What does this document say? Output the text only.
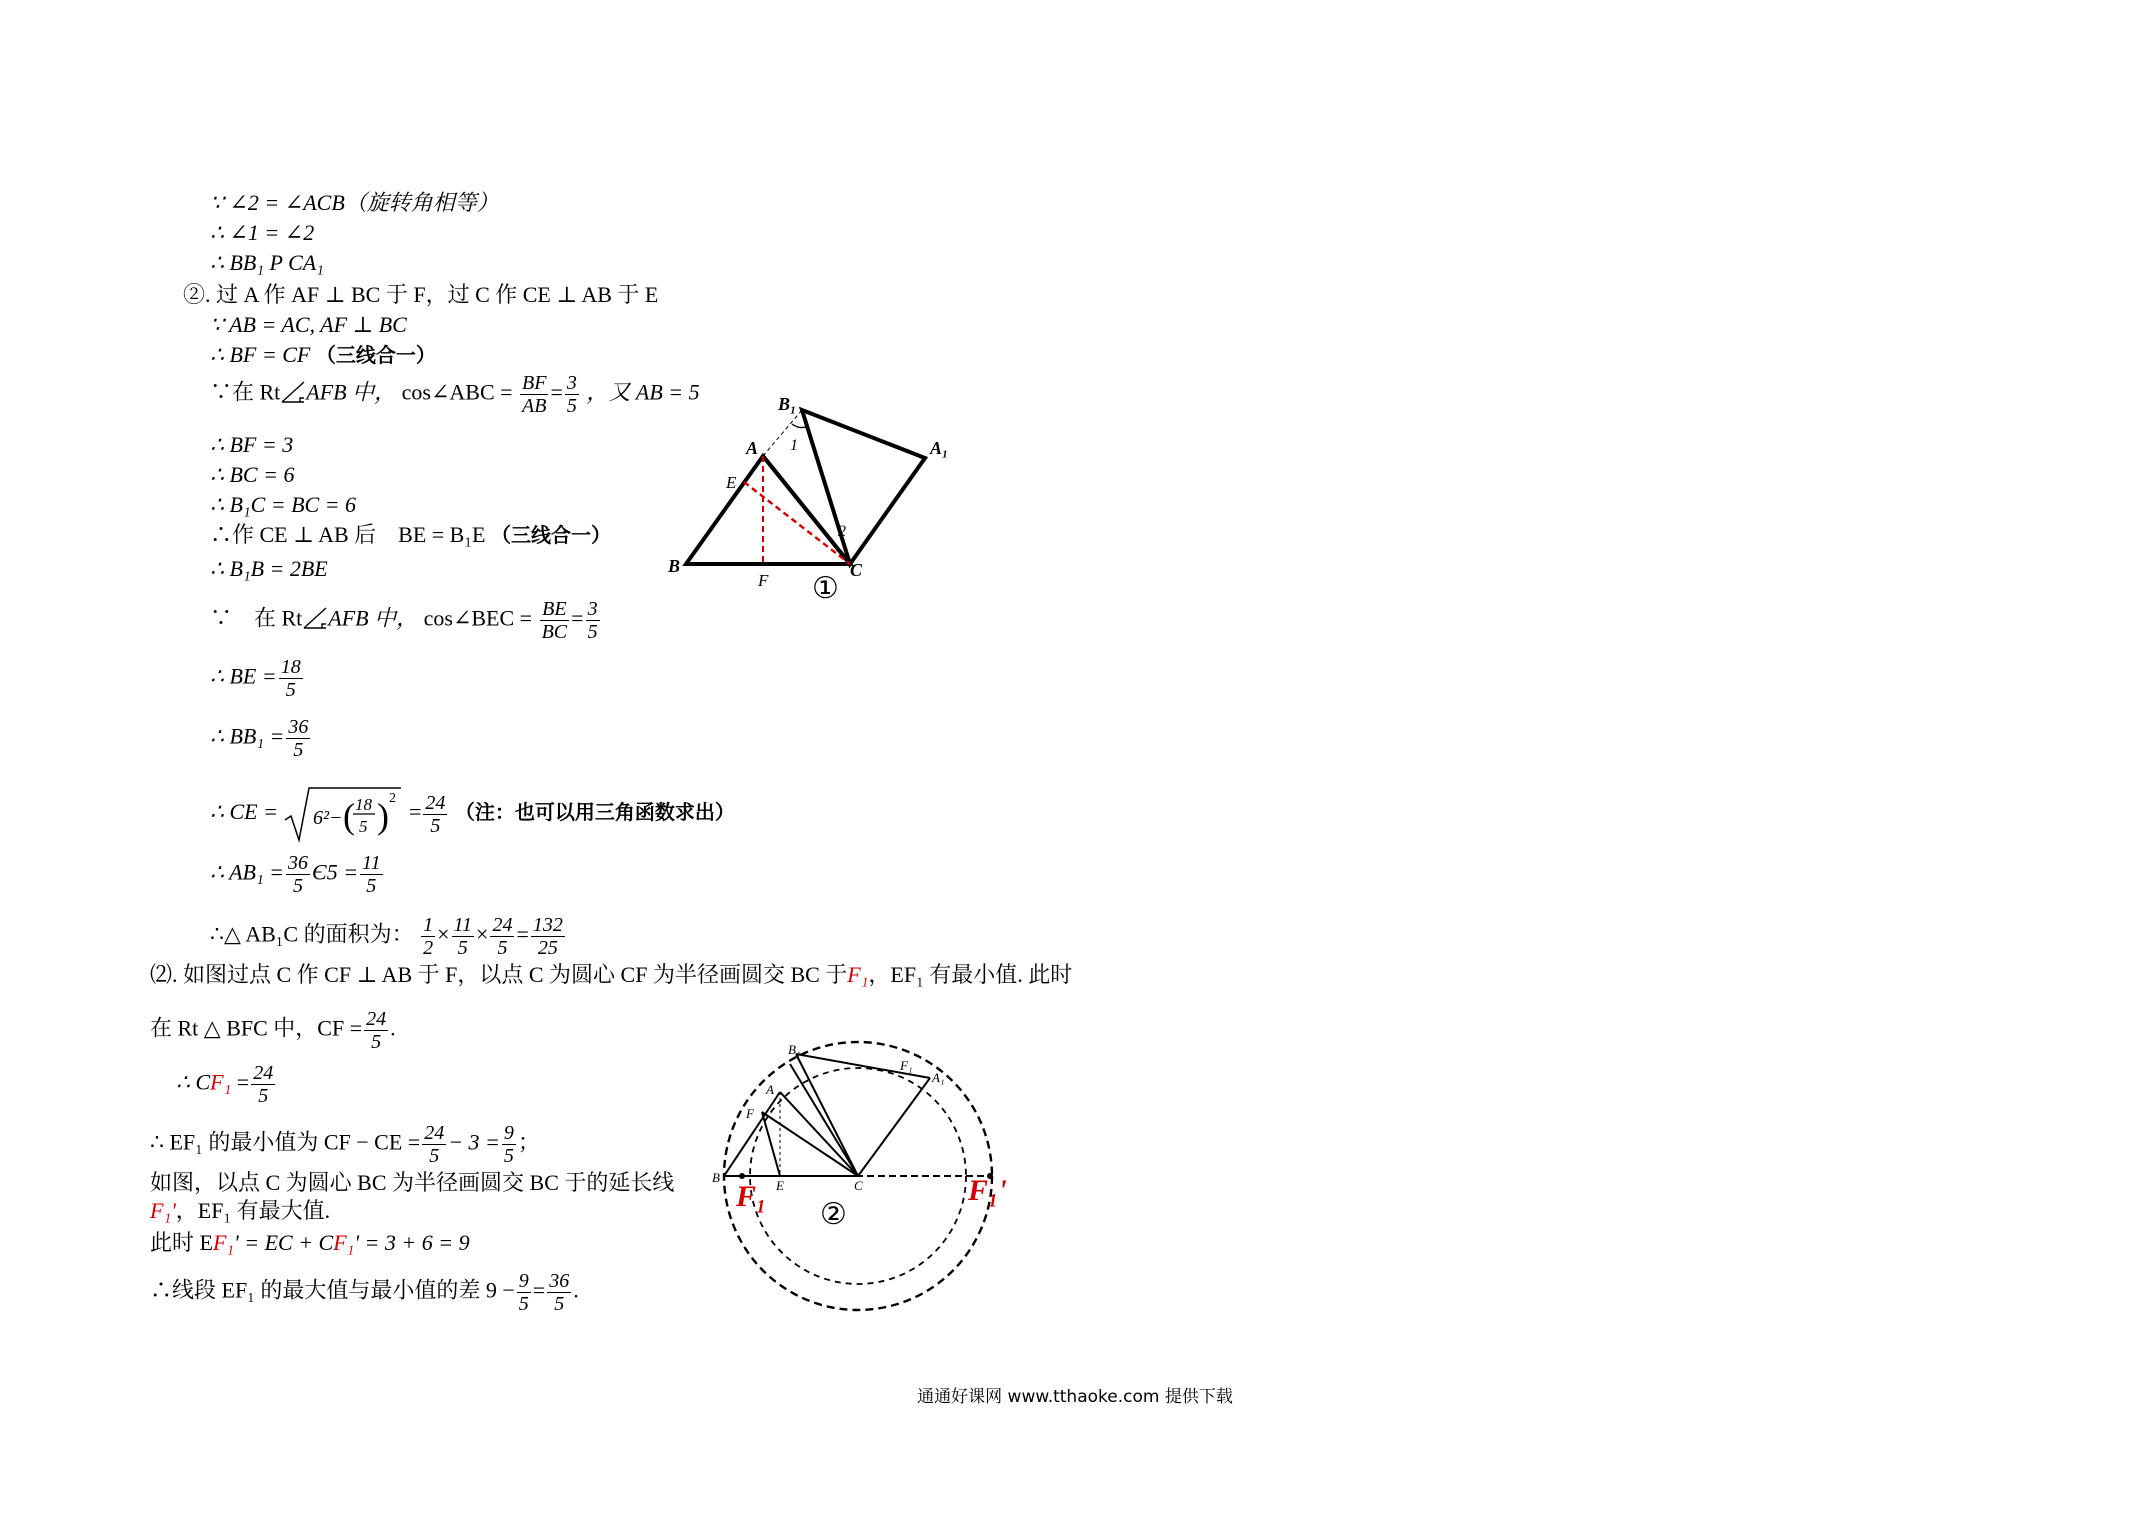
∵ ∠2 = ∠ACB（旋转角相等）
∴ ∠1 = ∠2
∴ BB₁ P CA₁
②. 过 A 作 AF ⊥ BC 于 F，过 C 作 CE ⊥ AB 于 E
∵ AB = AC, AF ⊥ BC
∴ BF = CF （三线合一）
∵在 Rt AFB 中， cos∠ABC = $\frac{BF}{AB} = \frac{3}{5}$ ，又 AB = 5
∴ BF = 3
∴ BC = 6
∴ B₁C = BC = 6
∴作 CE ⊥ AB 后　BE = B₁E （三线合一）
∴ B₁B = 2BE
∵　在 Rt AFB 中， cos∠BEC = $\frac{BE}{BC} = \frac{3}{5}$
∴ BE = $\frac{18}{5}$
∴ $BB_1 = \frac{36}{5}$
∴ CE = 6²− ( 18
5 ) 2
= $\frac{24}{5}$ （注：也可以用三角函数求出）
∴ $AB_1 = \frac{36}{5} Є5 = \frac{11}{5}$
∴△ AB₁C 的面积为： $\frac{1}{2} \times \frac{11}{5} \times \frac{24}{5} = \frac{132}{25}$
⑵. 如图过点 C 作 CF ⊥ AB 于 F，以点 C 为圆心 CF 为半径画圆交 BC 于F₁，EF₁ 有最小值. 此时
在 Rt △ BFC 中，CF = $\frac{24}{5}$ .
∴ $CF_1 = \frac{24}{5}$
∴ EF₁ 的最小值为 CF − CE = $\frac{24}{5} - 3 = \frac{9}{5}$ ；
如图，以点 C 为圆心 BC 为半径画圆交 BC 于的延长线
F₁'，EF₁ 有最大值.
此时 EF₁' = EC + CF₁' = 3 + 6 = 9
∴线段 EF₁ 的最大值与最小值的差 $9 - \frac{9}{5} = \frac{36}{5}$ .
B₁
A₁
A
E
B
F
C
1
2
①
B₁
F₁
A₁
A
F
B
E	C
F₁	F₁'
②
通通好课网 www.tthaoke.com 提供下载
